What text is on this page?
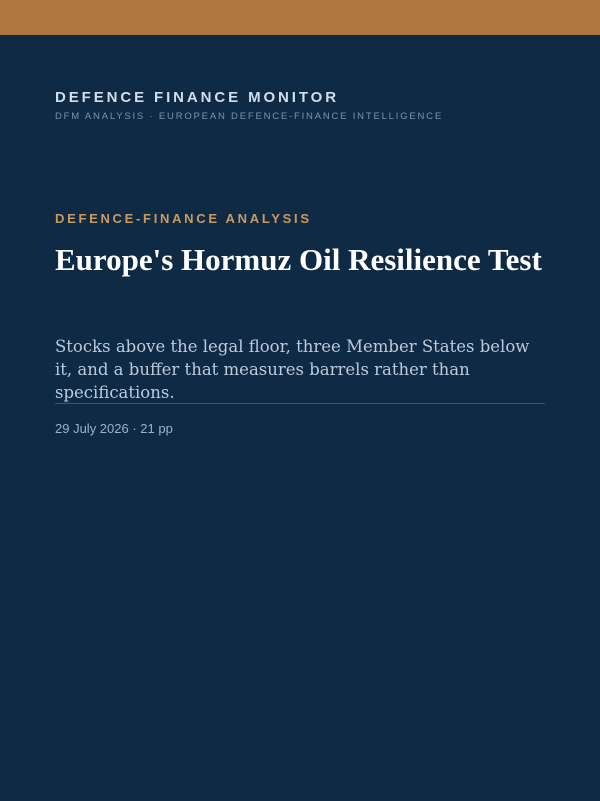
DEFENCE FINANCE MONITOR
DFM ANALYSIS · EUROPEAN DEFENCE-FINANCE INTELLIGENCE
DEFENCE-FINANCE ANALYSIS
Europe's Hormuz Oil Resilience Test

Stocks above the legal floor, three Member States below it, and a buffer that measures barrels rather than specifications.

29 July 2026 · 21 pp
